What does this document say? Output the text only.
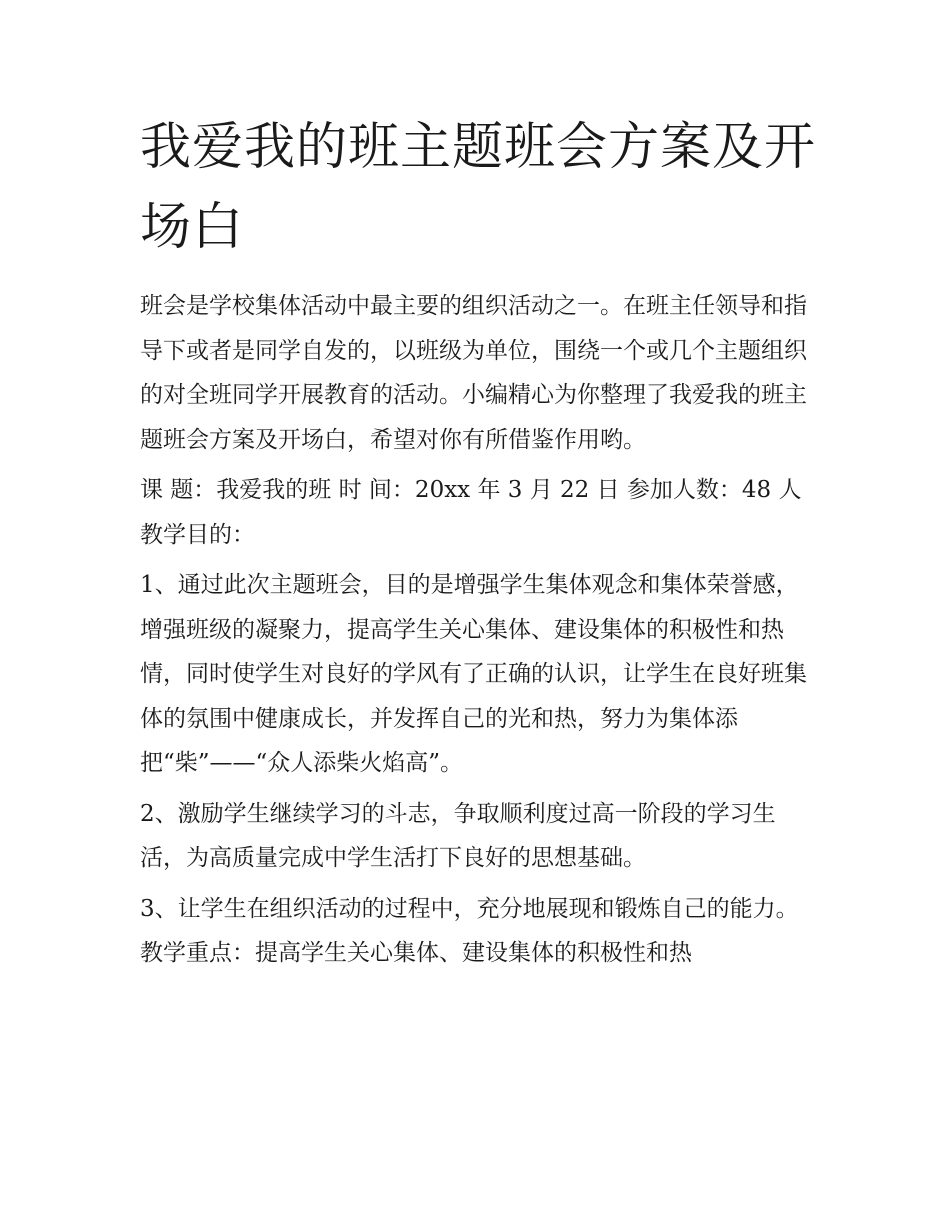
我爱我的班主题班会方案及开场白

班会是学校集体活动中最主要的组织活动之一。在班主任领导和指导下或者是同学自发的，以班级为单位，围绕一个或几个主题组织的对全班同学开展教育的活动。小编精心为你整理了我爱我的班主题班会方案及开场白，希望对你有所借鉴作用哟。

课 题：我爱我的班 时 间：20xx 年 3 月 22 日 参加人数：48 人 教学目的：

1、通过此次主题班会，目的是增强学生集体观念和集体荣誉感，增强班级的凝聚力，提高学生关心集体、建设集体的积极性和热情，同时使学生对良好的学风有了正确的认识，让学生在良好班集体的氛围中健康成长，并发挥自己的光和热，努力为集体添把“柴”——“众人添柴火焰高”。

2、激励学生继续学习的斗志，争取顺利度过高一阶段的学习生活，为高质量完成中学生活打下良好的思想基础。

3、让学生在组织活动的过程中，充分地展现和锻炼自己的能力。 教学重点：提高学生关心集体、建设集体的积极性和热
